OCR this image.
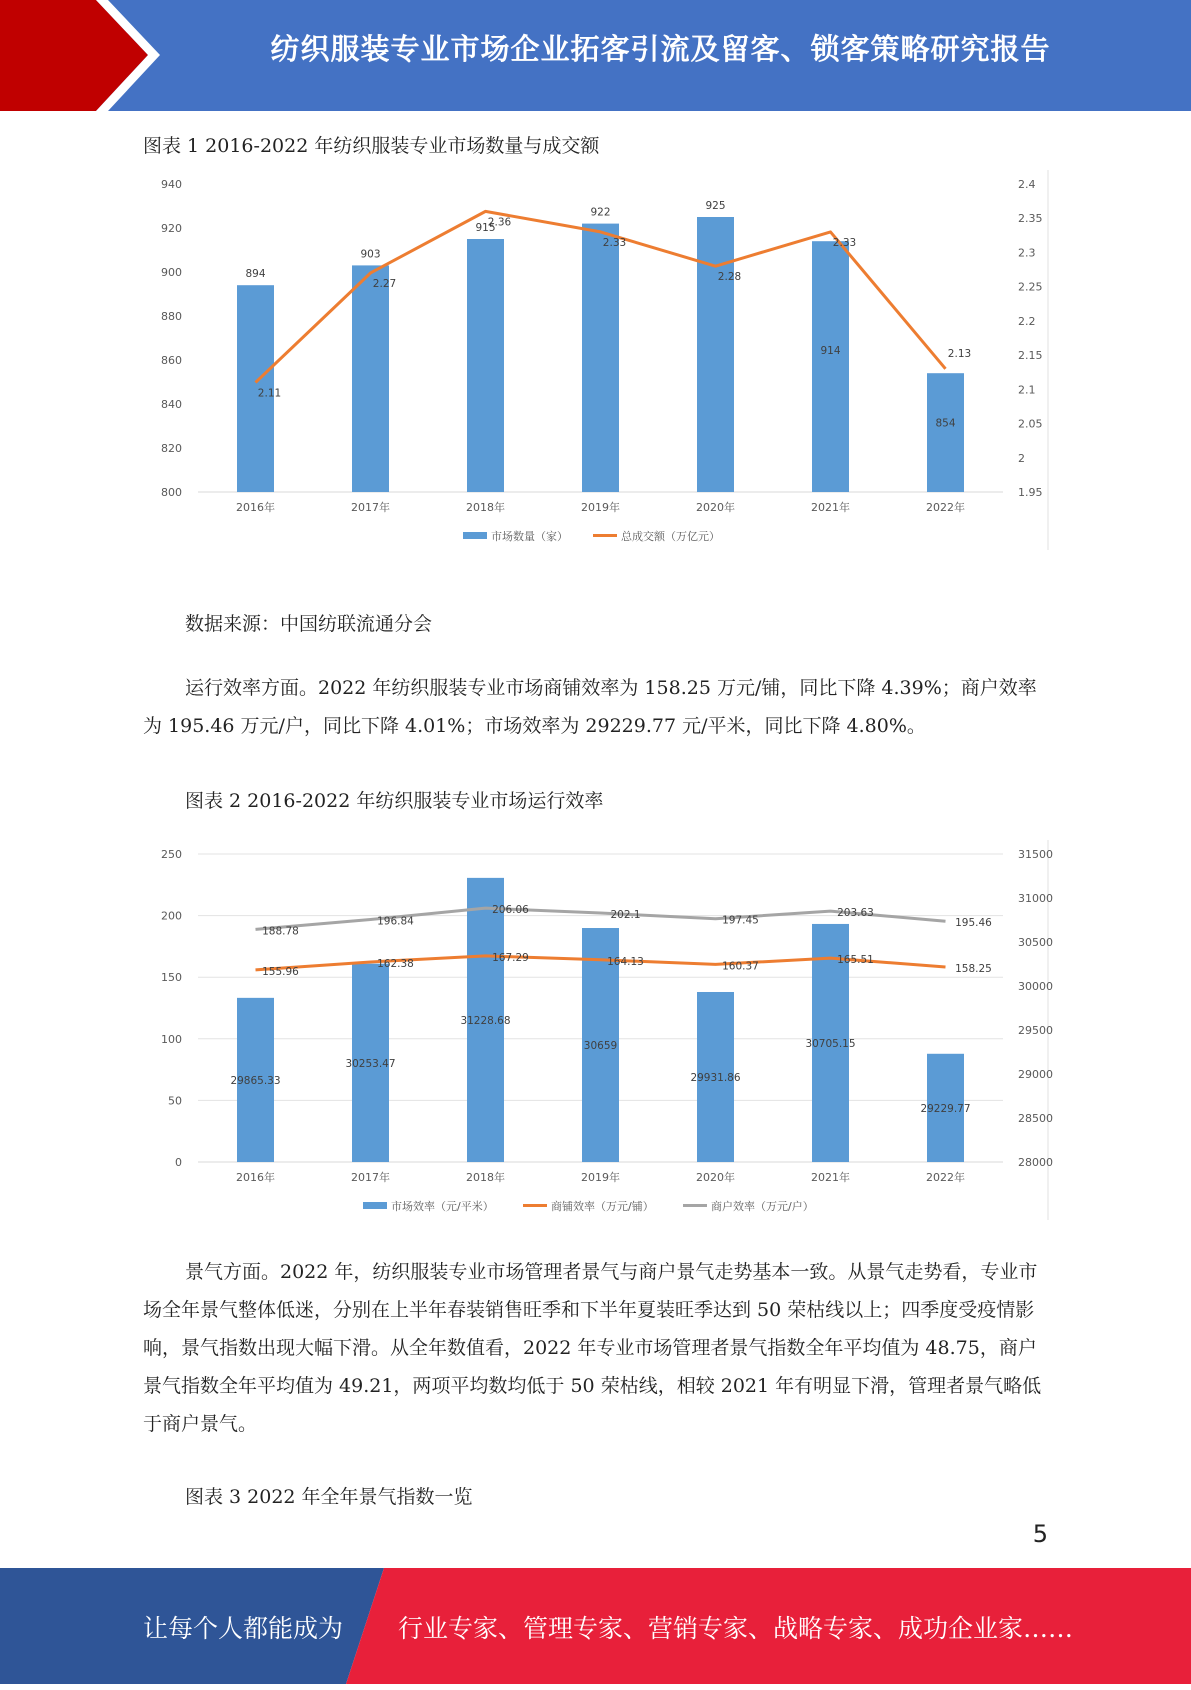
纺织服装专业市场企业拓客引流及留客、锁客策略研究报告
图表 1 2016-2022 年纺织服装专业市场数量与成交额
800
820
840
860
880
900
920
940
1.95
2
2.05
2.1
2.15
2.2
2.25
2.3
2.35
2.4
2016年	2017年	2018年	2019年	2020年	2021年	2022年
894
903
915
922
925
914
854
2.11
2.27
2.36
2.33
2.28
2.33
2.13
市场数量（家）	总成交额（万亿元）
数据来源：中国纺联流通分会

运行效率方面。2022 年纺织服装专业市场商铺效率为 158.25 万元/铺，同比下降 4.39%；商户效率为 195.46 万元/户，同比下降 4.01%；市场效率为 29229.77 元/平米，同比下降 4.80%。

图表 2 2016-2022 年纺织服装专业市场运行效率
0
50
100
150
200
250
28000
28500
29000
29500
30000
30500
31000
31500
2016年	2017年	2018年	2019年	2020年	2021年	2022年
29865.33
30253.47
31228.68
30659
29931.86
30705.15
29229.77
155.96
162.38
167.29	164.13	160.37
165.51
158.25
188.78
196.84
206.06	202.1	197.45
203.63
195.46
市场效率（元/平米）	商铺效率（万元/铺）	商户效率（万元/户）

景气方面。2022 年，纺织服装专业市场管理者景气与商户景气走势基本一致。从景气走势看，专业市场全年景气整体低迷，分别在上半年春装销售旺季和下半年夏装旺季达到 50 荣枯线以上；四季度受疫情影响，景气指数出现大幅下滑。从全年数值看，2022 年专业市场管理者景气指数全年平均值为 48.75，商户景气指数全年平均值为 49.21，两项平均数均低于 50 荣枯线，相较 2021 年有明显下滑，管理者景气略低于商户景气。

图表 3 2022 年全年景气指数一览
5
让每个人都能成为 行业专家、管理专家、营销专家、战略专家、成功企业家……
